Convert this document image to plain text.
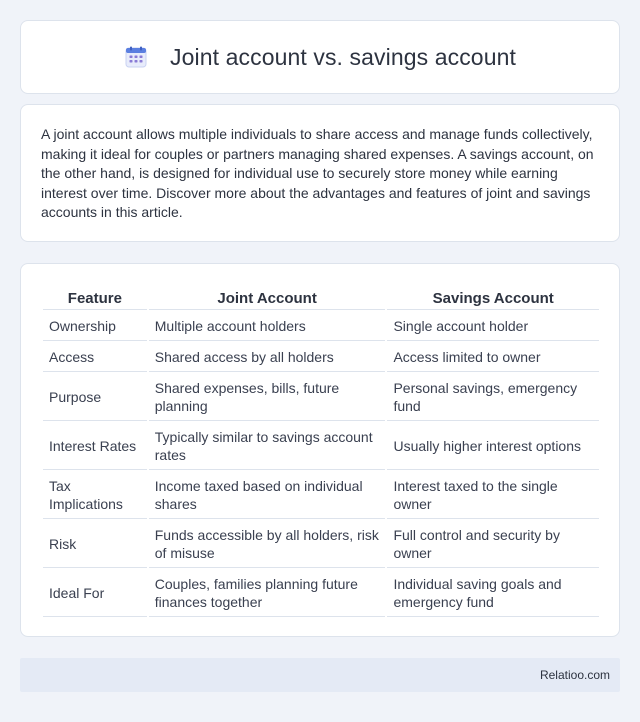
Joint account vs. savings account

A joint account allows multiple individuals to share access and manage funds collectively, making it ideal for couples or partners managing shared expenses. A savings account, on the other hand, is designed for individual use to securely store money while earning interest over time. Discover more about the advantages and features of joint and savings accounts in this article.

Feature	Joint Account	Savings Account
Ownership	Multiple account holders	Single account holder
Access	Shared access by all holders	Access limited to owner
Purpose	Shared expenses, bills, future planning	Personal savings, emergency fund
Interest Rates	Typically similar to savings account rates	Usually higher interest options
Tax Implications	Income taxed based on individual shares	Interest taxed to the single owner
Risk	Funds accessible by all holders, risk of misuse	Full control and security by owner
Ideal For	Couples, families planning future finances together	Individual saving goals and emergency fund
Relatioo.com
